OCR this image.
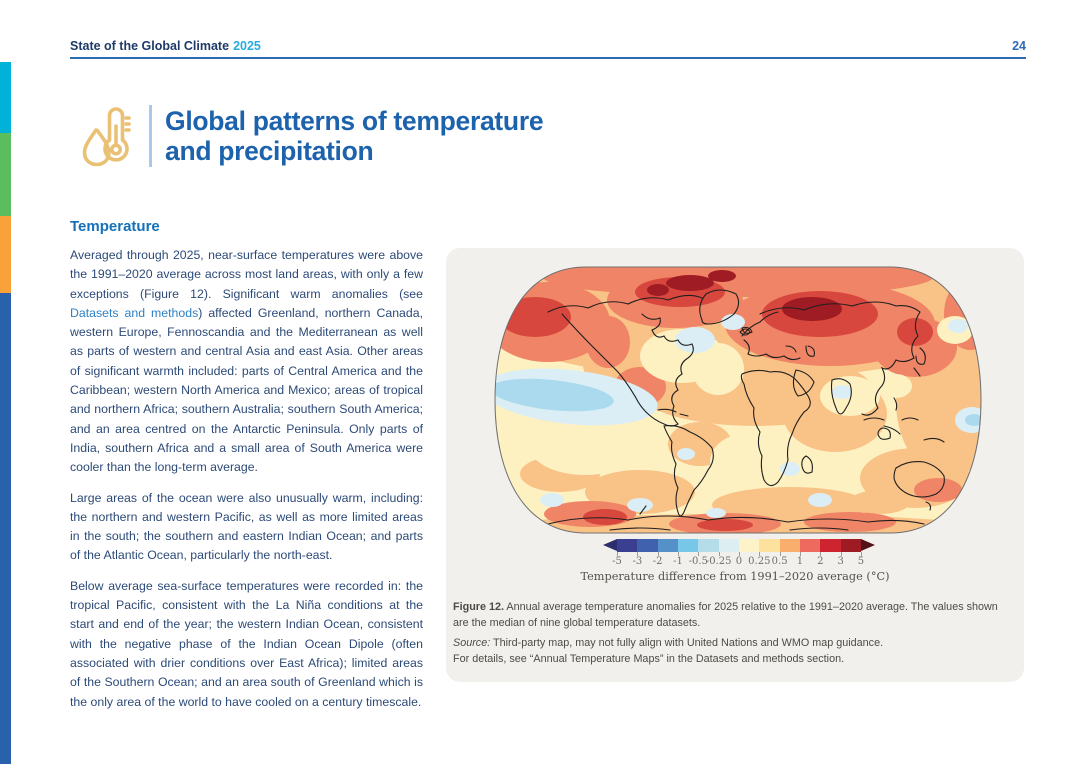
State of the Global Climate 2025	24
Global patterns of temperature
and precipitation
Temperature

Averaged through 2025, near-surface temperatures were above the 1991–2020 average across most land areas, with only a few exceptions (Figure 12). Significant warm anomalies (see Datasets and methods) affected Greenland, northern Canada, western Europe, Fennoscandia and the Mediterranean as well as parts of western and central Asia and east Asia. Other areas of significant warmth included: parts of Central America and the Caribbean; western North America and Mexico; areas of tropical and northern Africa; southern Australia; southern South America; and an area centred on the Antarctic Peninsula. Only parts of India, southern Africa and a small area of South America were cooler than the long-term average.

Large areas of the ocean were also unusually warm, including: the northern and western Pacific, as well as more limited areas in the south; the southern and eastern Indian Ocean; and parts of the Atlantic Ocean, particularly the north-east.

Below average sea-surface temperatures were recorded in: the tropical Pacific, consistent with the La Niña conditions at the start and end of the year; the western Indian Ocean, consistent with the negative phase of the Indian Ocean Dipole (often associated with drier conditions over East Africa); limited areas of the Southern Ocean; and an area south of Greenland which is the only area of the world to have cooled on a century timescale.

-5 -3 -2 -1 -0.5
-0.25 0 0.25 0.5 1 2 3 5
Temperature difference from 1991–2020 average (°C)

Figure 12. Annual average temperature anomalies for 2025 relative to the 1991–2020 average. The values shown are the median of nine global temperature datasets.

Source: Third-party map, may not fully align with United Nations and WMO map guidance.
For details, see “Annual Temperature Maps” in the Datasets and methods section.
